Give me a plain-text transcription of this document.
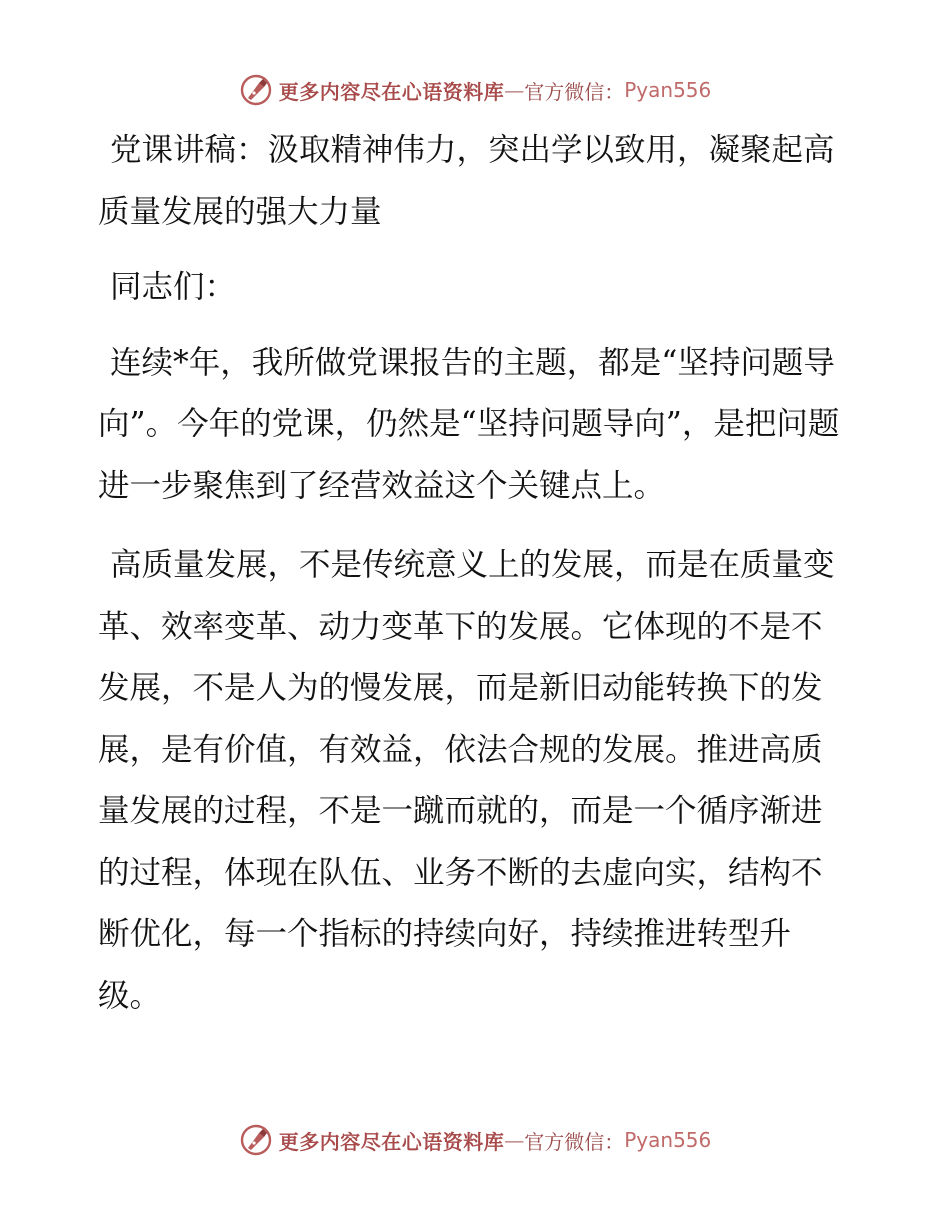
更多内容尽在心语资料库 — 官方微信： Pyan556

党课讲稿：汲取精神伟力，突出学以致用，凝聚起高质量发展的强大力量

同志们：

连续*年，我所做党课报告的主题，都是“坚持问题导向”。今年的党课，仍然是“坚持问题导向”，是把问题进一步聚焦到了经营效益这个关键点上。

高质量发展，不是传统意义上的发展，而是在质量变革、效率变革、动力变革下的发展。它体现的不是不发展，不是人为的慢发展，而是新旧动能转换下的发展，是有价值，有效益，依法合规的发展。推进高质量发展的过程，不是一蹴而就的，而是一个循序渐进的过程，体现在队伍、业务不断的去虚向实，结构不断优化，每一个指标的持续向好，持续推进转型升级。

更多内容尽在心语资料库 — 官方微信： Pyan556
